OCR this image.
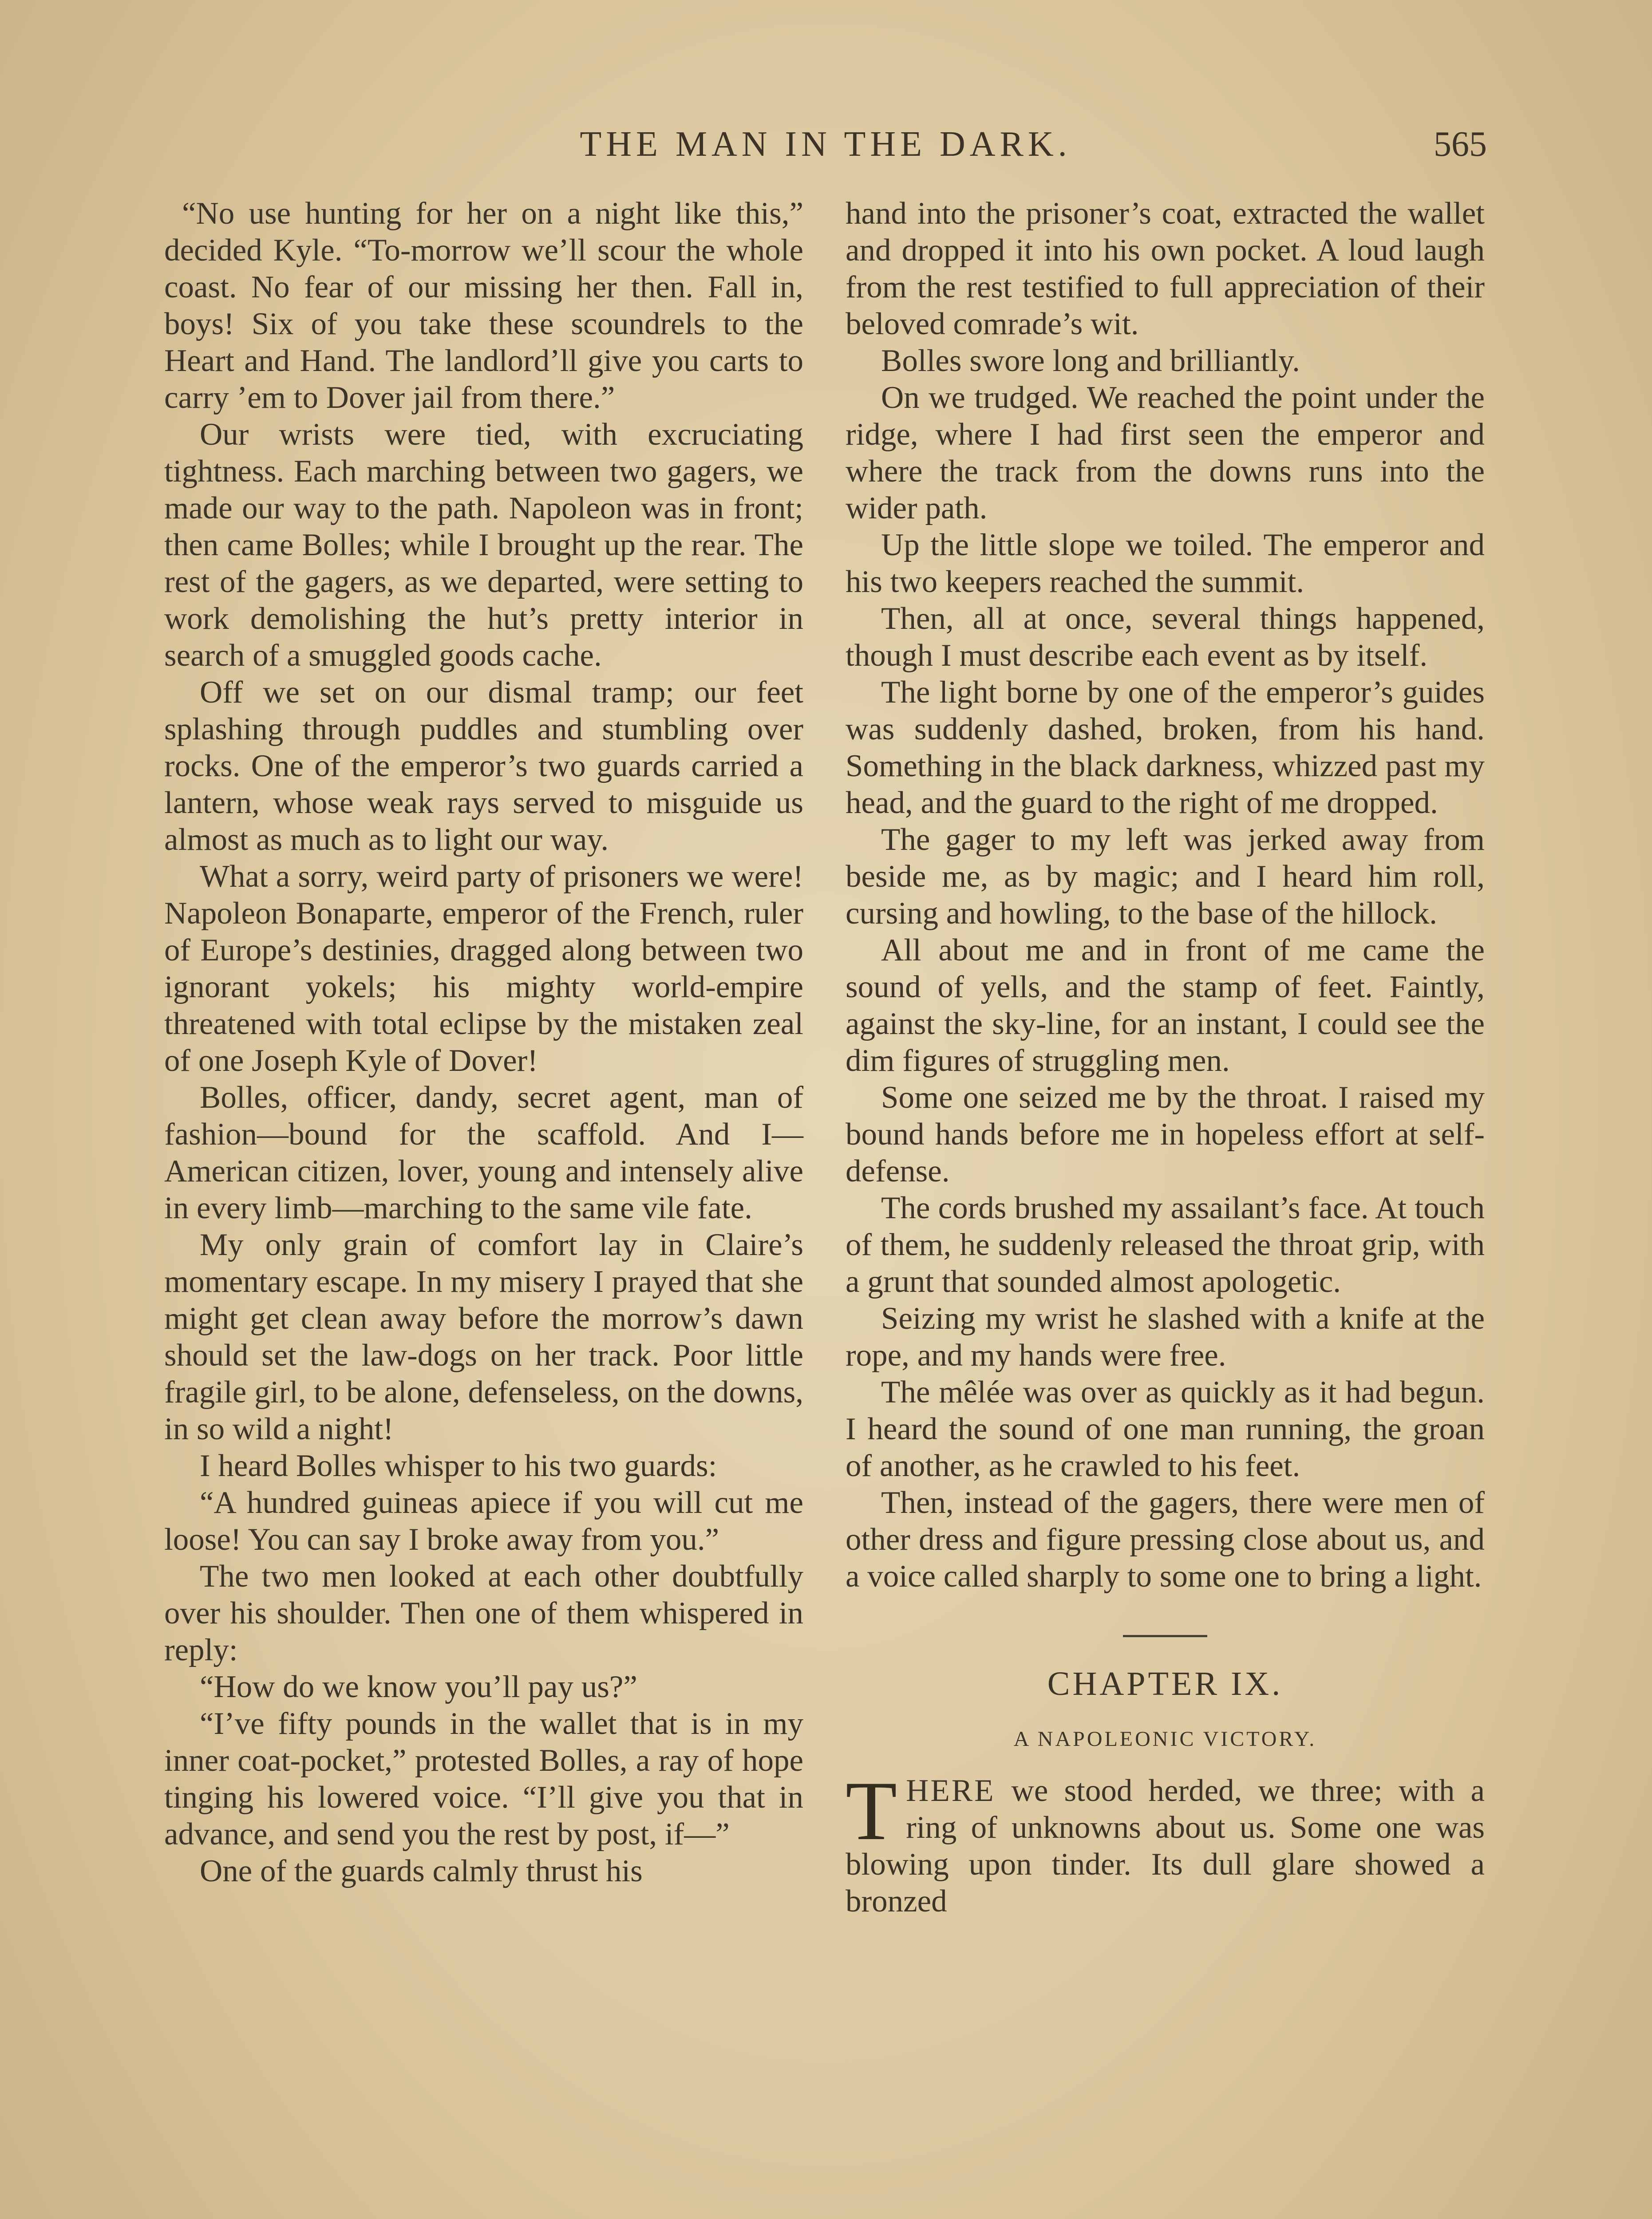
THE MAN IN THE DARK.	565

“No use hunting for her on a night like this,” decided Kyle. “To-morrow we’ll scour the whole coast. No fear of our missing her then. Fall in, boys! Six of you take these scoundrels to the Heart and Hand. The landlord’ll give you carts to carry ’em to Dover jail from there.”

Our wrists were tied, with excruciating tightness. Each marching between two gagers, we made our way to the path. Napoleon was in front; then came Bolles; while I brought up the rear. The rest of the gagers, as we departed, were setting to work demolishing the hut’s pretty interior in search of a smuggled goods cache.

Off we set on our dismal tramp; our feet splashing through puddles and stumbling over rocks. One of the emperor’s two guards carried a lantern, whose weak rays served to misguide us almost as much as to light our way.

What a sorry, weird party of prisoners we were! Napoleon Bonaparte, emperor of the French, ruler of Europe’s destinies, dragged along between two ignorant yokels; his mighty world-empire threatened with total eclipse by the mistaken zeal of one Joseph Kyle of Dover!

Bolles, officer, dandy, secret agent, man of fashion—bound for the scaffold. And I—American citizen, lover, young and intensely alive in every limb—marching to the same vile fate.

My only grain of comfort lay in Claire’s momentary escape. In my misery I prayed that she might get clean away before the morrow’s dawn should set the law-dogs on her track. Poor little fragile girl, to be alone, defenseless, on the downs, in so wild a night!

I heard Bolles whisper to his two guards:

“A hundred guineas apiece if you will cut me loose! You can say I broke away from you.”

The two men looked at each other doubtfully over his shoulder. Then one of them whispered in reply:

“How do we know you’ll pay us?”

“I’ve fifty pounds in the wallet that is in my inner coat-pocket,” protested Bolles, a ray of hope tinging his lowered voice. “I’ll give you that in advance, and send you the rest by post, if—”

One of the guards calmly thrust his

hand into the prisoner’s coat, extracted the wallet and dropped it into his own pocket. A loud laugh from the rest testified to full appreciation of their beloved comrade’s wit.

Bolles swore long and brilliantly.

On we trudged. We reached the point under the ridge, where I had first seen the emperor and where the track from the downs runs into the wider path.

Up the little slope we toiled. The emperor and his two keepers reached the summit.

Then, all at once, several things happened, though I must describe each event as by itself.

The light borne by one of the emperor’s guides was suddenly dashed, broken, from his hand. Something in the black darkness, whizzed past my head, and the guard to the right of me dropped.

The gager to my left was jerked away from beside me, as by magic; and I heard him roll, cursing and howling, to the base of the hillock.

All about me and in front of me came the sound of yells, and the stamp of feet. Faintly, against the sky-line, for an instant, I could see the dim figures of struggling men.

Some one seized me by the throat. I raised my bound hands before me in hopeless effort at self-defense.

The cords brushed my assailant’s face. At touch of them, he suddenly released the throat grip, with a grunt that sounded almost apologetic.

Seizing my wrist he slashed with a knife at the rope, and my hands were free.

The mêlée was over as quickly as it had begun. I heard the sound of one man running, the groan of another, as he crawled to his feet.

Then, instead of the gagers, there were men of other dress and figure pressing close about us, and a voice called sharply to some one to bring a light.

CHAPTER IX.
A NAPOLEONIC VICTORY.

THERE we stood herded, we three; with a ring of unknowns about us. Some one was blowing upon tinder. Its dull glare showed a bronzed
